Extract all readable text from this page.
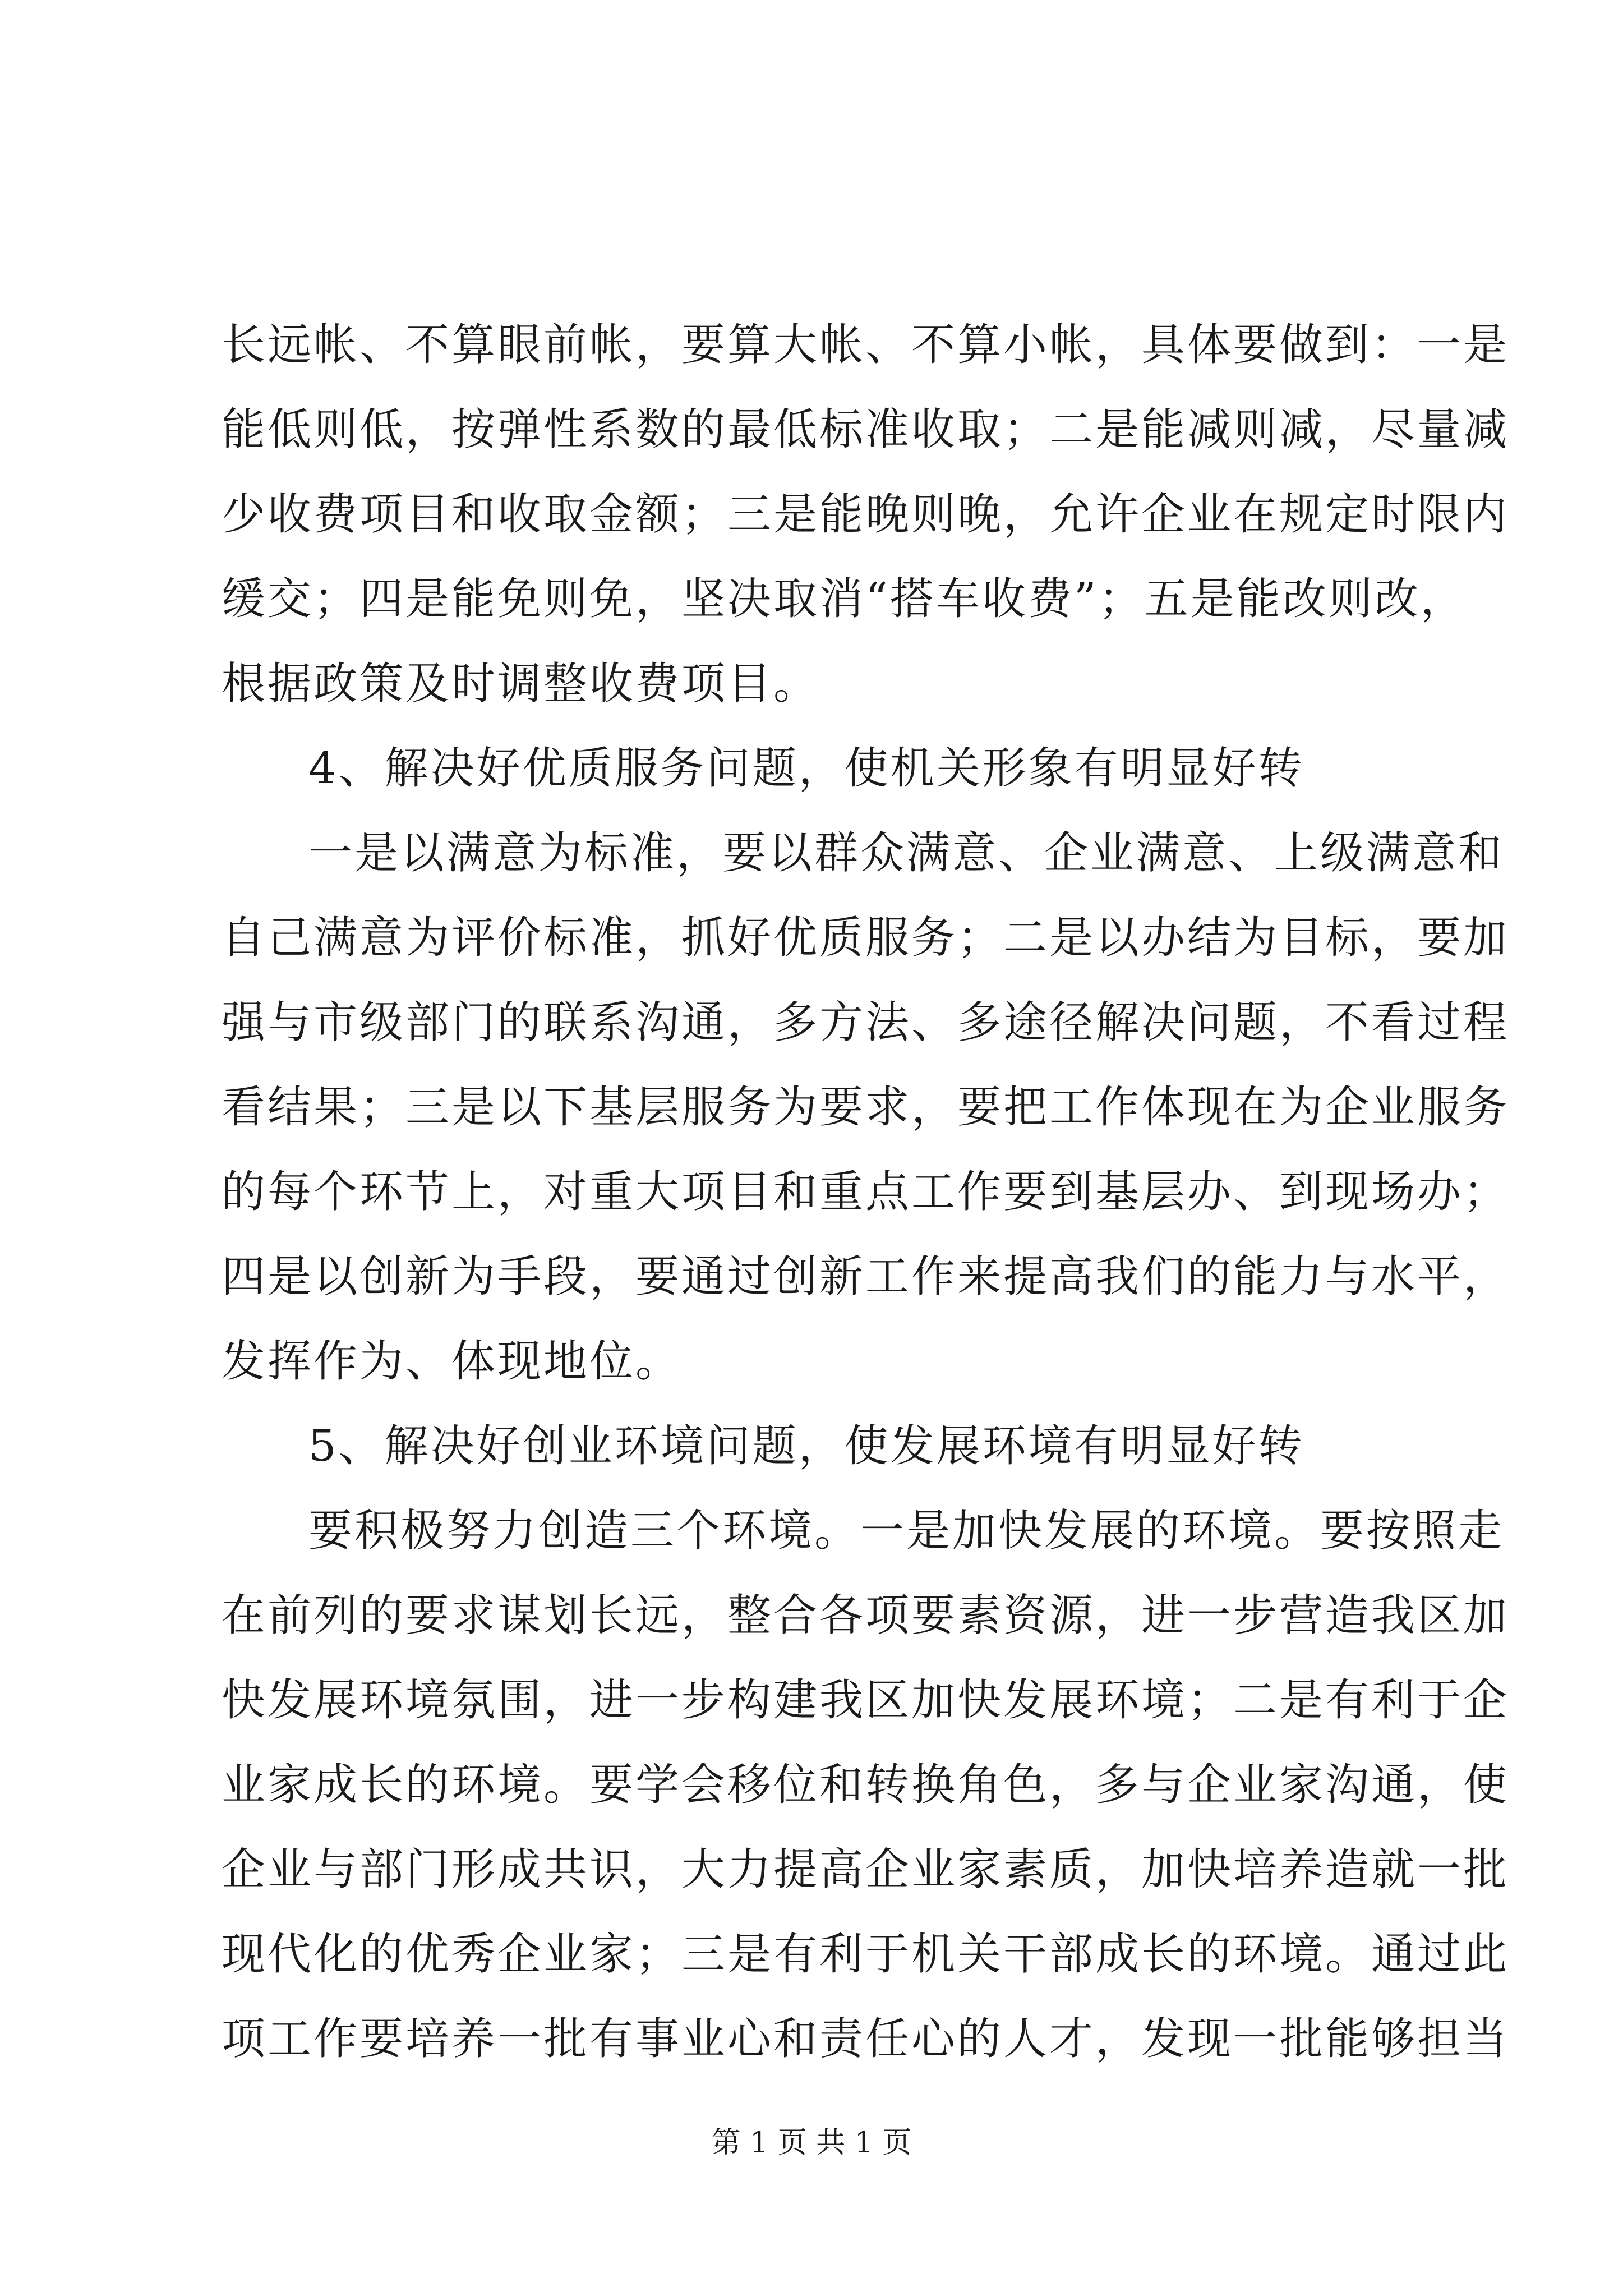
长远帐、不算眼前帐，要算大帐、不算小帐，具体要做到：一是
能低则低，按弹性系数的最低标准收取；二是能减则减，尽量减
少收费项目和收取金额；三是能晚则晚，允许企业在规定时限内
缓交；四是能免则免，坚决取消“搭车收费”；五是能改则改，
根据政策及时调整收费项目。
4、解决好优质服务问题，使机关形象有明显好转
一是以满意为标准，要以群众满意、企业满意、上级满意和
自己满意为评价标准，抓好优质服务；二是以办结为目标，要加
强与市级部门的联系沟通，多方法、多途径解决问题，不看过程
看结果；三是以下基层服务为要求，要把工作体现在为企业服务
的每个环节上，对重大项目和重点工作要到基层办、到现场办；
四是以创新为手段，要通过创新工作来提高我们的能力与水平，
发挥作为、体现地位。
5、解决好创业环境问题，使发展环境有明显好转
要积极努力创造三个环境。一是加快发展的环境。要按照走
在前列的要求谋划长远，整合各项要素资源，进一步营造我区加
快发展环境氛围，进一步构建我区加快发展环境；二是有利于企
业家成长的环境。要学会移位和转换角色，多与企业家沟通，使
企业与部门形成共识，大力提高企业家素质，加快培养造就一批
现代化的优秀企业家；三是有利于机关干部成长的环境。通过此
项工作要培养一批有事业心和责任心的人才，发现一批能够担当
第 1 页 共 1 页
